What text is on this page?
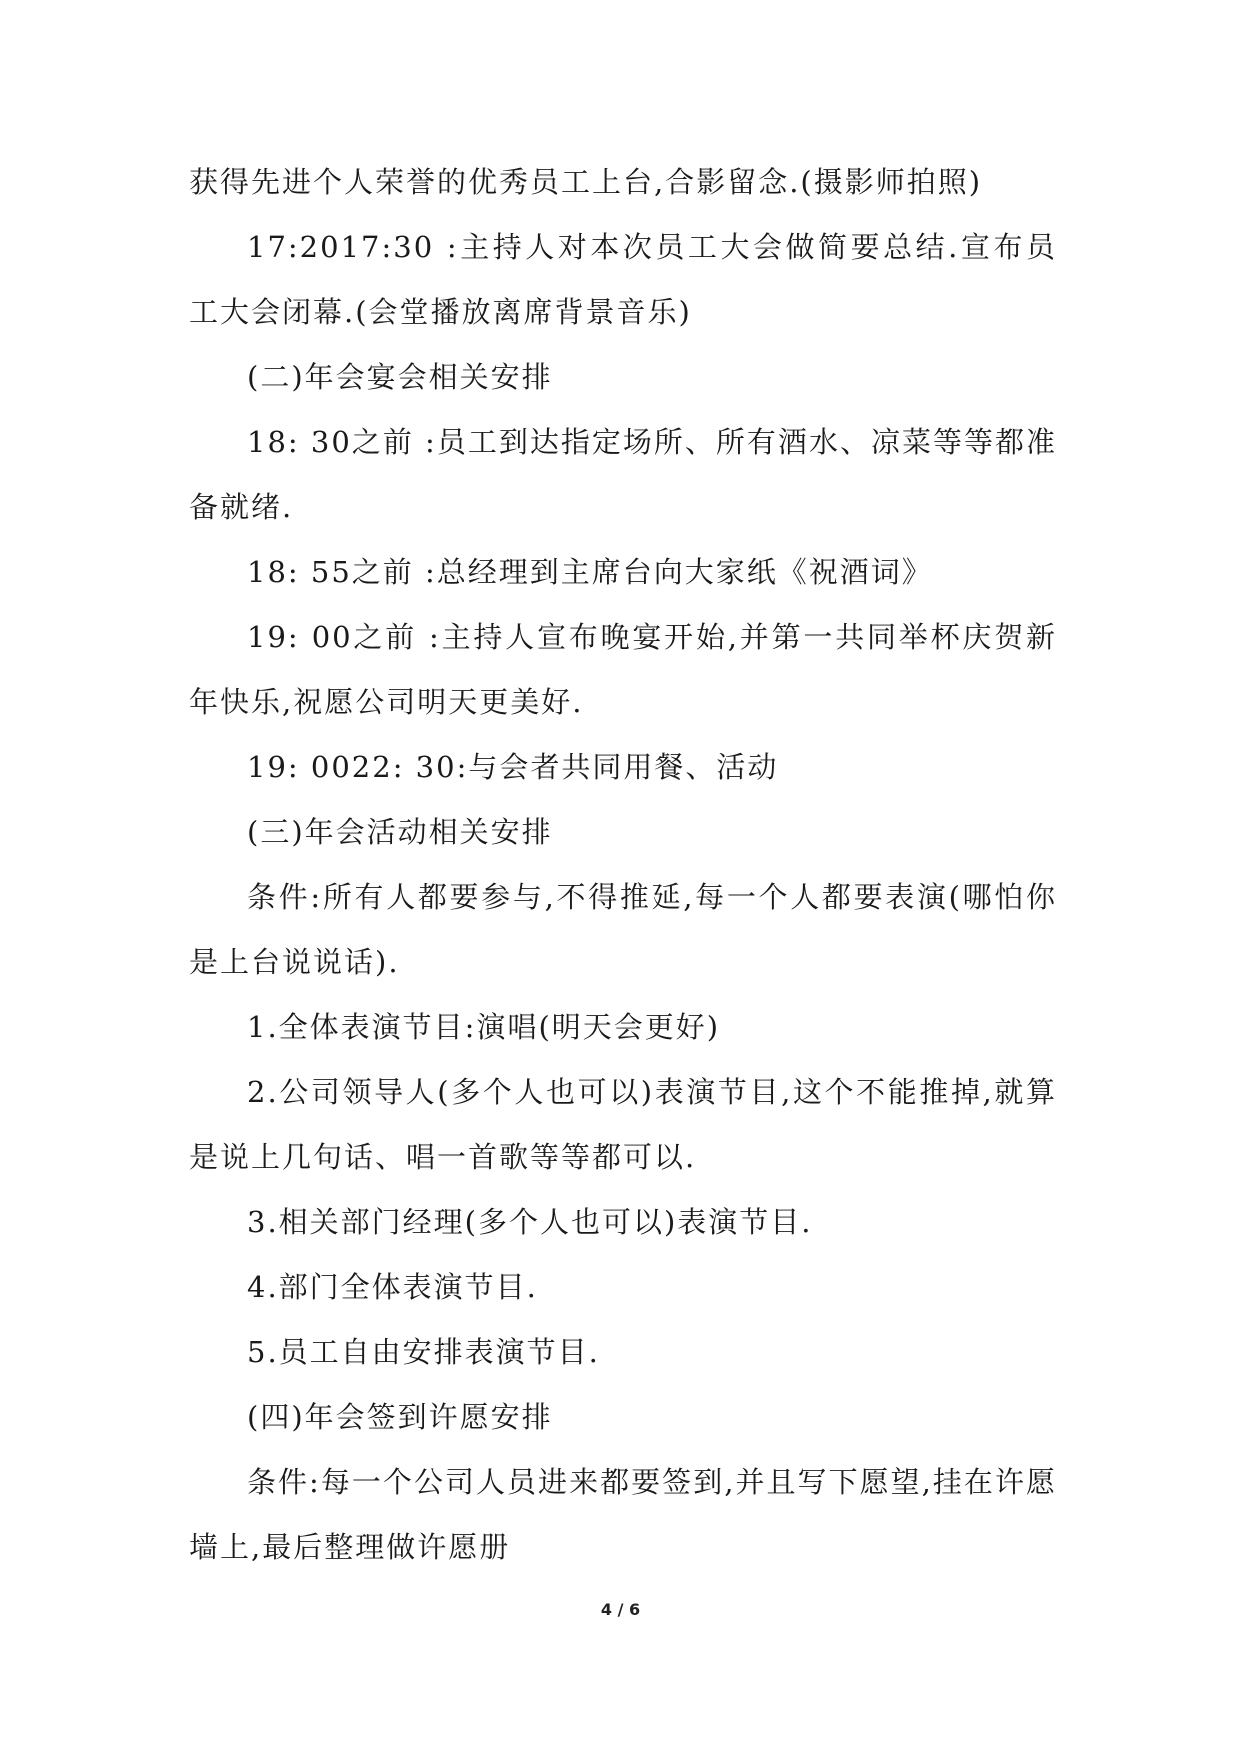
获得先进个人荣誉的优秀员工上台,合影留念.(摄影师拍照)

17:2017:30 :主持人对本次员工大会做简要总结.宣布员工大会闭幕.(会堂播放离席背景音乐)

(二)年会宴会相关安排

18: 30之前 :员工到达指定场所、所有酒水、凉菜等等都准备就绪.

18: 55之前 :总经理到主席台向大家纸《祝酒词》

19: 00之前 :主持人宣布晚宴开始,并第一共同举杯庆贺新年快乐,祝愿公司明天更美好.

19: 0022: 30:与会者共同用餐、活动

(三)年会活动相关安排

条件:所有人都要参与,不得推延,每一个人都要表演(哪怕你是上台说说话).

1.全体表演节目:演唱(明天会更好)

2.公司领导人(多个人也可以)表演节目,这个不能推掉,就算是说上几句话、唱一首歌等等都可以.

3.相关部门经理(多个人也可以)表演节目.

4.部门全体表演节目.

5.员工自由安排表演节目.

(四)年会签到许愿安排

条件:每一个公司人员进来都要签到,并且写下愿望,挂在许愿墙上,最后整理做许愿册

4 / 6
